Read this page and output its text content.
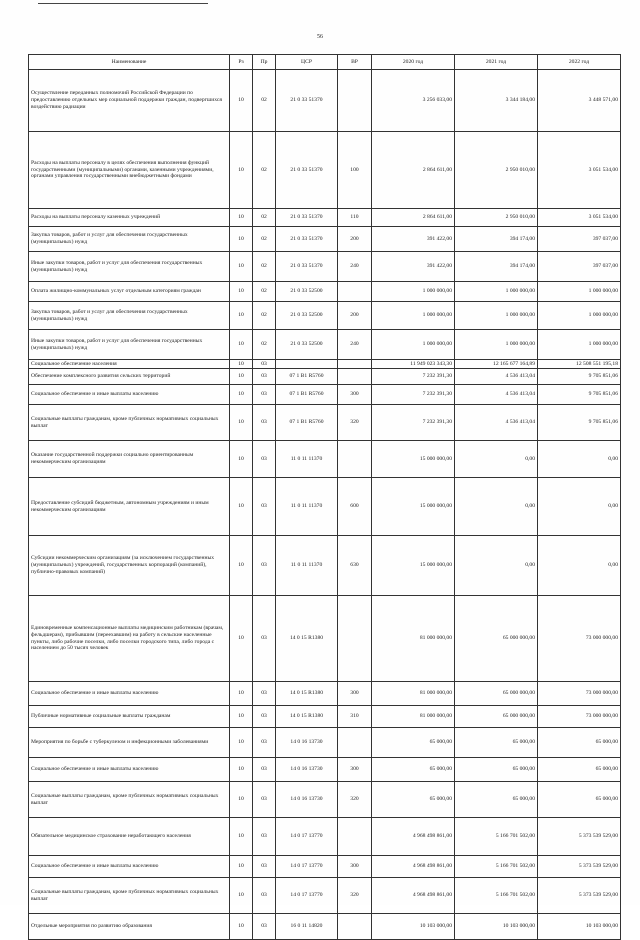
56
Наименование	Рз	Пр	ЦСР	ВР	2020 год	2021 год	2022 год
Осуществление переданных полномочий Российской Федерации по предоставлению отдельных мер социальной поддержки граждан, подвергшихся воздействию радиации	10	02	21 0 33 51370		3 256 033,00	3 344 184,00	3 448 571,00
Расходы на выплаты персоналу в целях обеспечения выполнения функций государственными (муниципальными) органами, казенными учреждениями, органами управления государственными внебюджетными фондами	10	02	21 0 33 51370	100	2 864 611,00	2 950 010,00	3 051 534,00
Расходы на выплаты персоналу казенных учреждений	10	02	21 0 33 51370	110	2 864 611,00	2 950 010,00	3 051 534,00
Закупка товаров, работ и услуг для обеспечения государственных (муниципальных) нужд	10	02	21 0 33 51370	200	391 422,00	394 174,00	397 037,00
Иные закупки товаров, работ и услуг для обеспечения государственных (муниципальных) нужд	10	02	21 0 33 51370	240	391 422,00	394 174,00	397 037,00
Оплата жилищно-коммунальных услуг отдельным категориям граждан	10	02	21 0 33 52500		1 000 000,00	1 000 000,00	1 000 000,00
Закупка товаров, работ и услуг для обеспечения государственных (муниципальных) нужд	10	02	21 0 33 52500	200	1 000 000,00	1 000 000,00	1 000 000,00
Иные закупки товаров, работ и услуг для обеспечения государственных (муниципальных) нужд	10	02	21 0 33 52500	240	1 000 000,00	1 000 000,00	1 000 000,00
Социальное обеспечение населения	10	03			11 949 023 343,30	12 165 677 164,89	12 508 551 195,18
Обеспечение комплексного развития сельских территорий	10	03	07 1 B1 R5760		7 232 391,30	4 536 413,04	9 705 851,06
Социальное обеспечение и иные выплаты населению	10	03	07 1 B1 R5760	300	7 232 391,30	4 536 413,04	9 705 851,06
Социальные выплаты гражданам, кроме публичных нормативных социальных выплат	10	03	07 1 B1 R5760	320	7 232 391,30	4 536 413,04	9 705 851,06
Оказание государственной поддержки социально ориентированным некоммерческим организациям	10	03	11 0 11 11370		15 000 000,00	0,00	0,00
Предоставление субсидий бюджетным, автономным учреждениям и иным некоммерческим организациям	10	03	11 0 11 11370	600	15 000 000,00	0,00	0,00
Субсидии некоммерческим организациям (за исключением государственных (муниципальных) учреждений, государственных корпораций (компаний), публично-правовых компаний)	10	03	11 0 11 11370	630	15 000 000,00	0,00	0,00
Единовременные компенсационные выплаты медицинским работникам (врачам, фельдшерам), прибывшим (переехавшим) на работу в сельские населенные пункты, либо рабочие поселки, либо поселки городского типа, либо города с населением до 50 тысяч человек	10	03	14 0 15 R1380		81 000 000,00	65 000 000,00	73 000 000,00
Социальное обеспечение и иные выплаты населению	10	03	14 0 15 R1380	300	81 000 000,00	65 000 000,00	73 000 000,00
Публичные нормативные социальные выплаты гражданам	10	03	14 0 15 R1380	310	81 000 000,00	65 000 000,00	73 000 000,00
Мероприятия по борьбе с туберкулезом и инфекционными заболеваниями	10	03	14 0 16 13730		65 000,00	65 000,00	65 000,00
Социальное обеспечение и иные выплаты населению	10	03	14 0 16 13730	300	65 000,00	65 000,00	65 000,00
Социальные выплаты гражданам, кроме публичных нормативных социальных выплат	10	03	14 0 16 13730	320	65 000,00	65 000,00	65 000,00
Обязательное медицинское страхование неработающего населения	10	03	14 0 17 13770		4 968 498 861,00	5 166 701 502,00	5 373 539 529,00
Социальное обеспечение и иные выплаты населению	10	03	14 0 17 13770	300	4 968 498 861,00	5 166 701 502,00	5 373 539 529,00
Социальные выплаты гражданам, кроме публичных нормативных социальных выплат	10	03	14 0 17 13770	320	4 968 498 861,00	5 166 701 502,00	5 373 539 529,00
Отдельные мероприятия по развитию образования	10	03	16 0 11 14820		10 103 000,00	10 103 000,00	10 103 000,00
